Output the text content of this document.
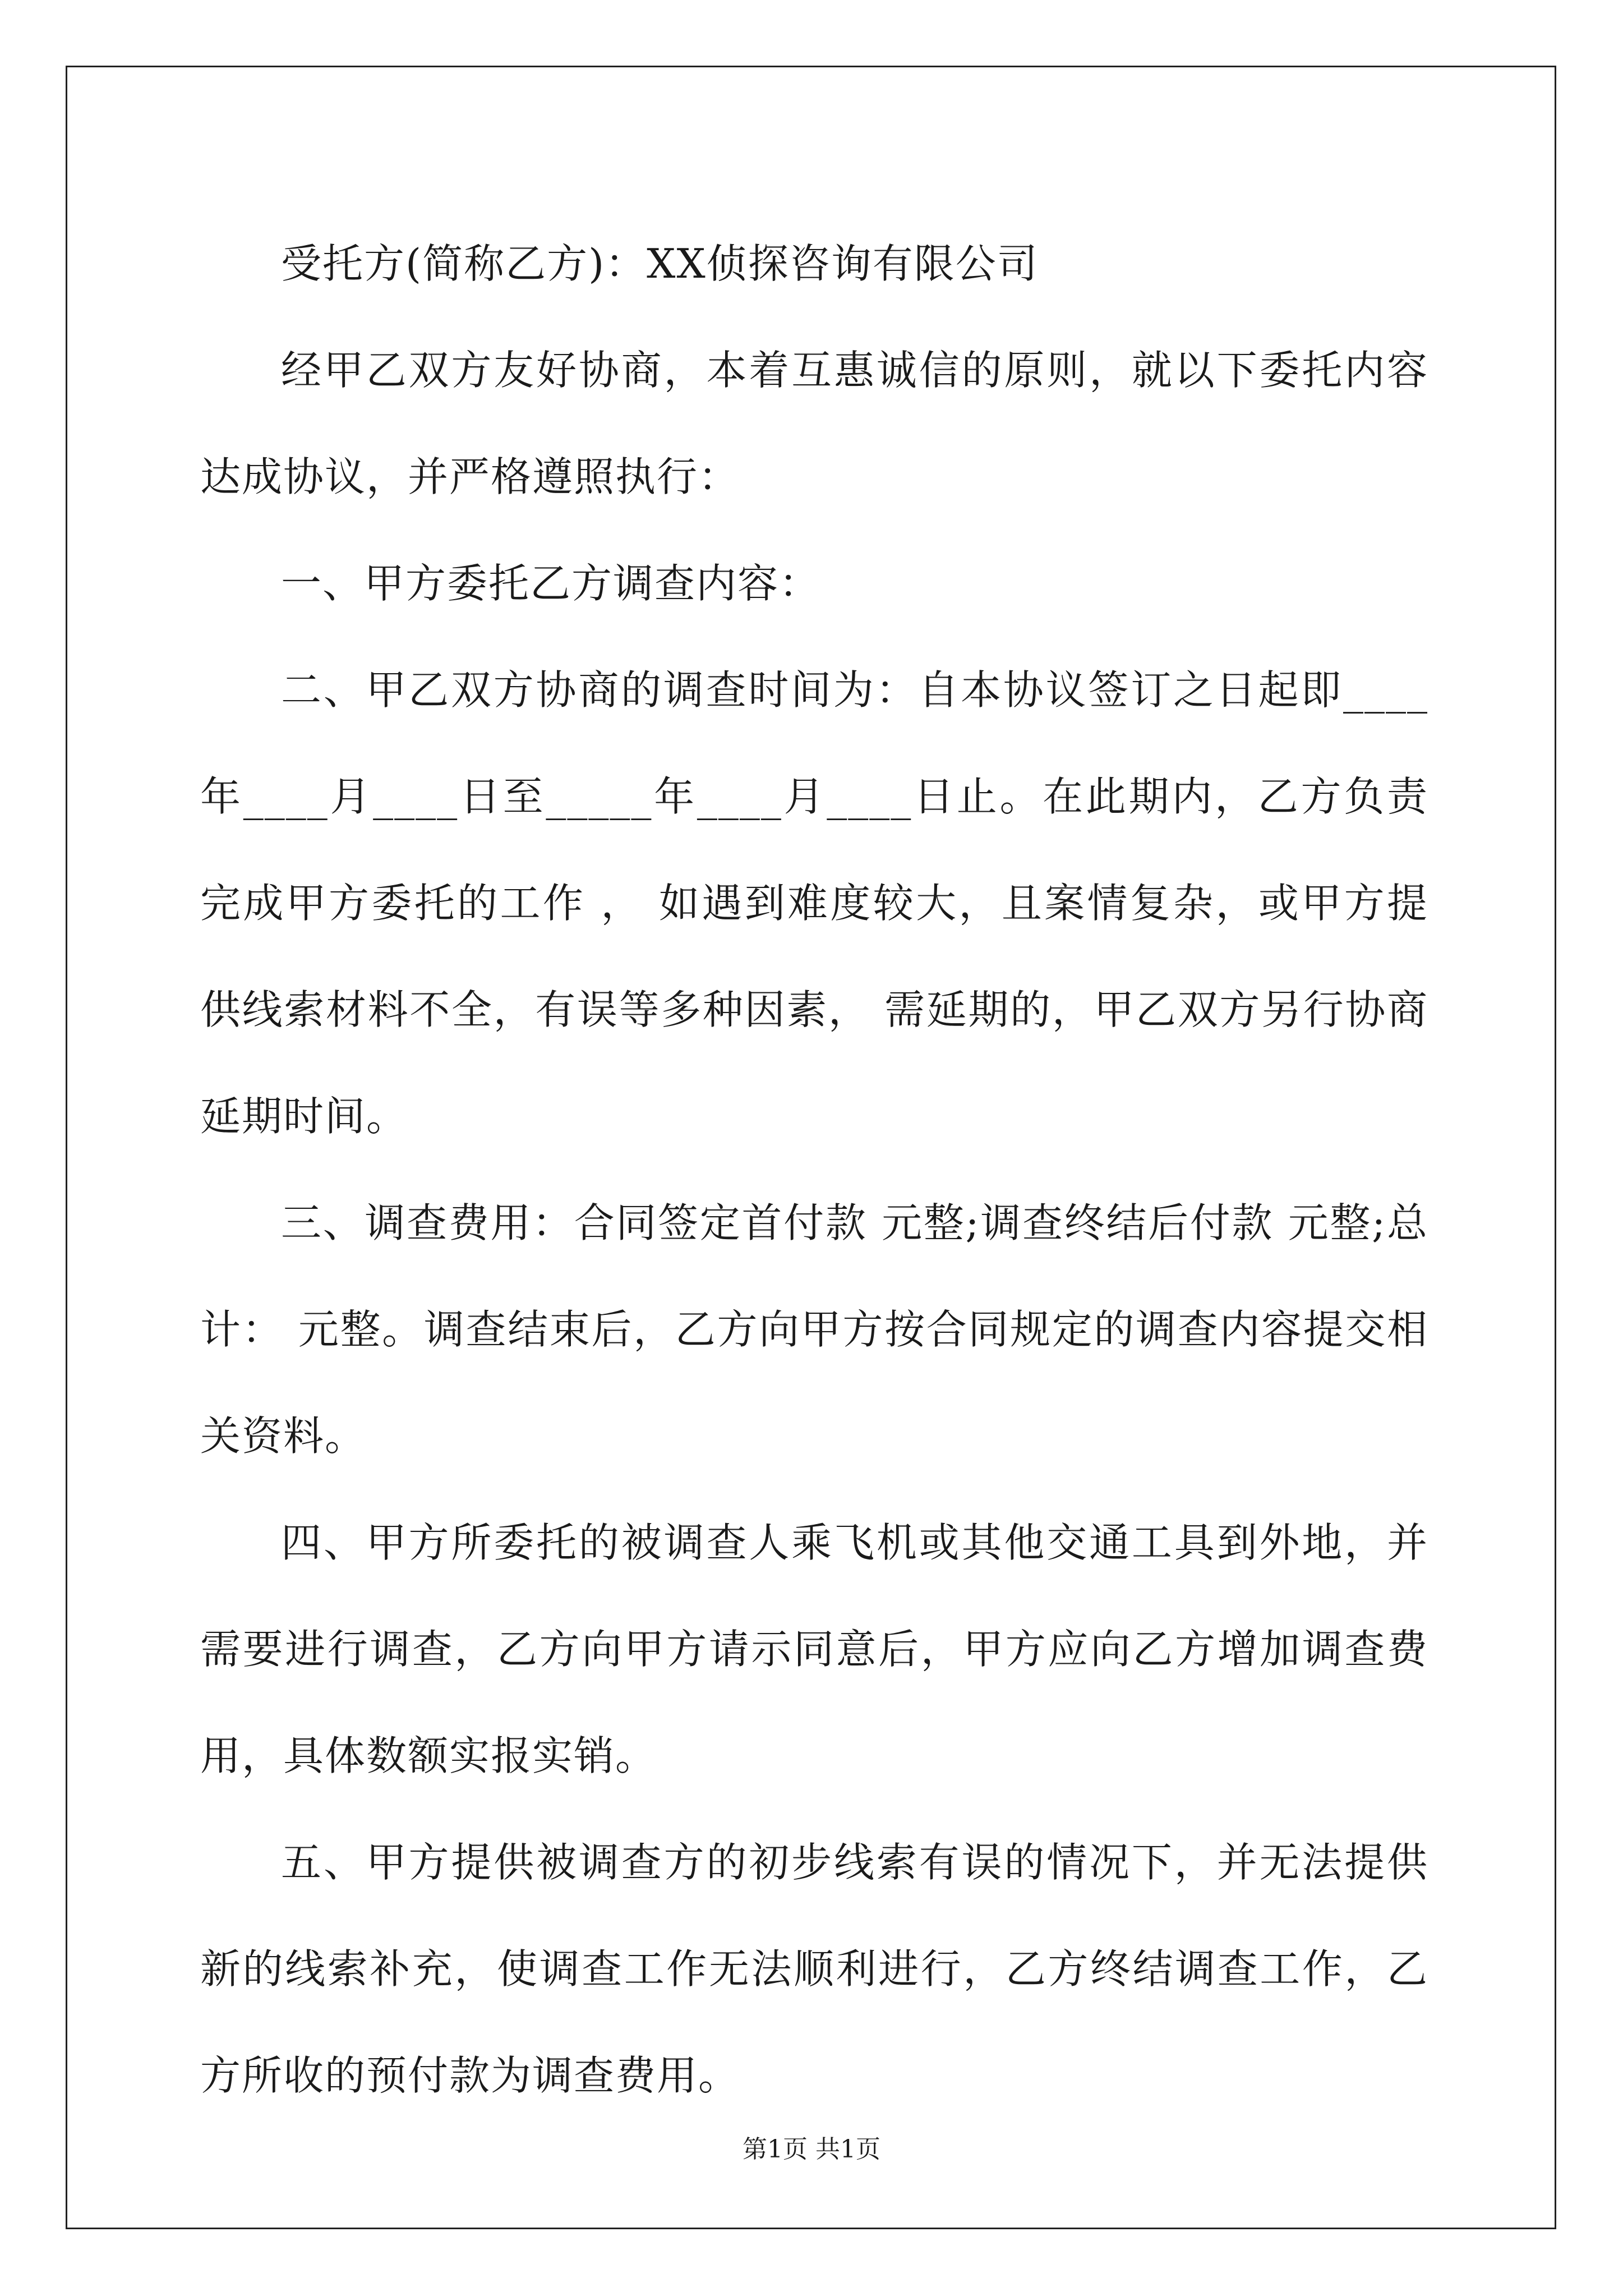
受托方(简称乙方)：XX侦探咨询有限公司

经甲乙双方友好协商，本着互惠诚信的原则，就以下委托内容达成协议，并严格遵照执行：

一、甲方委托乙方调查内容：

二、甲乙双方协商的调查时间为：自本协议签订之日起即____年____月____日至_____年____月____日止。在此期内，乙方负责完成甲方委托的工作 ， 如遇到难度较大，且案情复杂，或甲方提供线索材料不全，有误等多种因素， 需延期的，甲乙双方另行协商延期时间。

三、调查费用：合同签定首付款 元整;调查终结后付款 元整;总计： 元整。调查结束后，乙方向甲方按合同规定的调查内容提交相关资料。

四、甲方所委托的被调查人乘飞机或其他交通工具到外地，并需要进行调查，乙方向甲方请示同意后，甲方应向乙方增加调查费用，具体数额实报实销。

五、甲方提供被调查方的初步线索有误的情况下，并无法提供新的线索补充，使调查工作无法顺利进行，乙方终结调查工作，乙方所收的预付款为调查费用。

第1页 共1页
